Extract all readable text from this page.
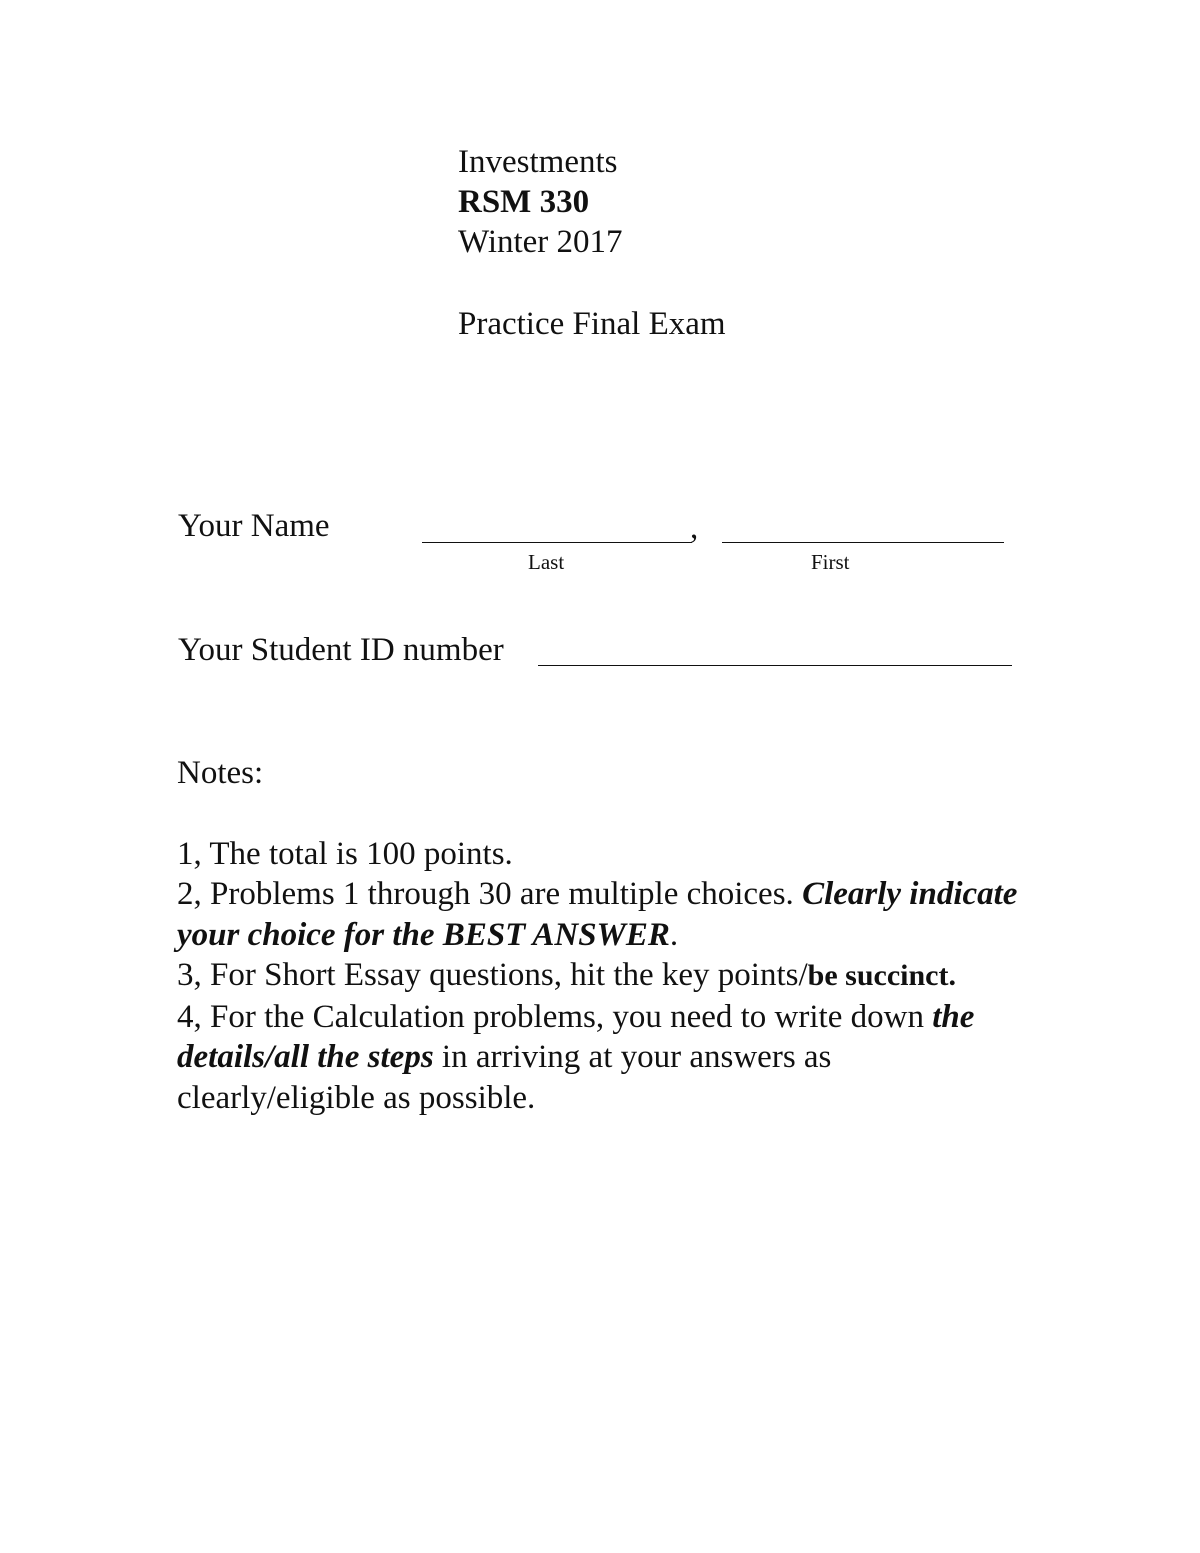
Investments
RSM 330
Winter 2017
Practice Final Exam
Your Name	,
Last	First
Your Student ID number
Notes:
1, The total is 100 points.
2, Problems 1 through 30 are multiple choices. Clearly indicate your choice for the BEST ANSWER.
3, For Short Essay questions, hit the key points/be succinct.
4, For the Calculation problems, you need to write down the details/all the steps in arriving at your answers as clearly/eligible as possible.
